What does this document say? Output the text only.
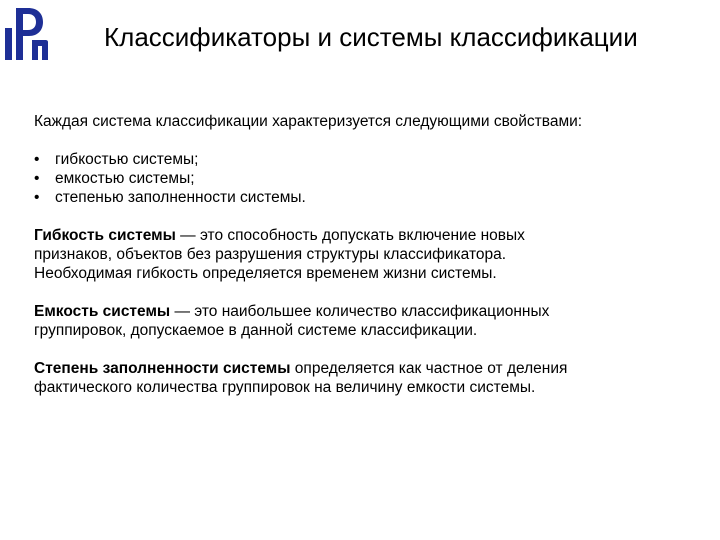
Классификаторы и системы классификации

Каждая система классификации характеризуется следующими свойствами:

• гибкостью системы;
• емкостью системы;
• степенью заполненности системы.

Гибкость системы — это способность допускать включение новых
признаков, объектов без разрушения структуры классификатора.
Необходимая гибкость определяется временем жизни системы.

Емкость системы — это наибольшее количество классификационных
группировок, допускаемое в данной системе классификации.

Степень заполненности системы определяется как частное от деления
фактического количества группировок на величину емкости системы.
